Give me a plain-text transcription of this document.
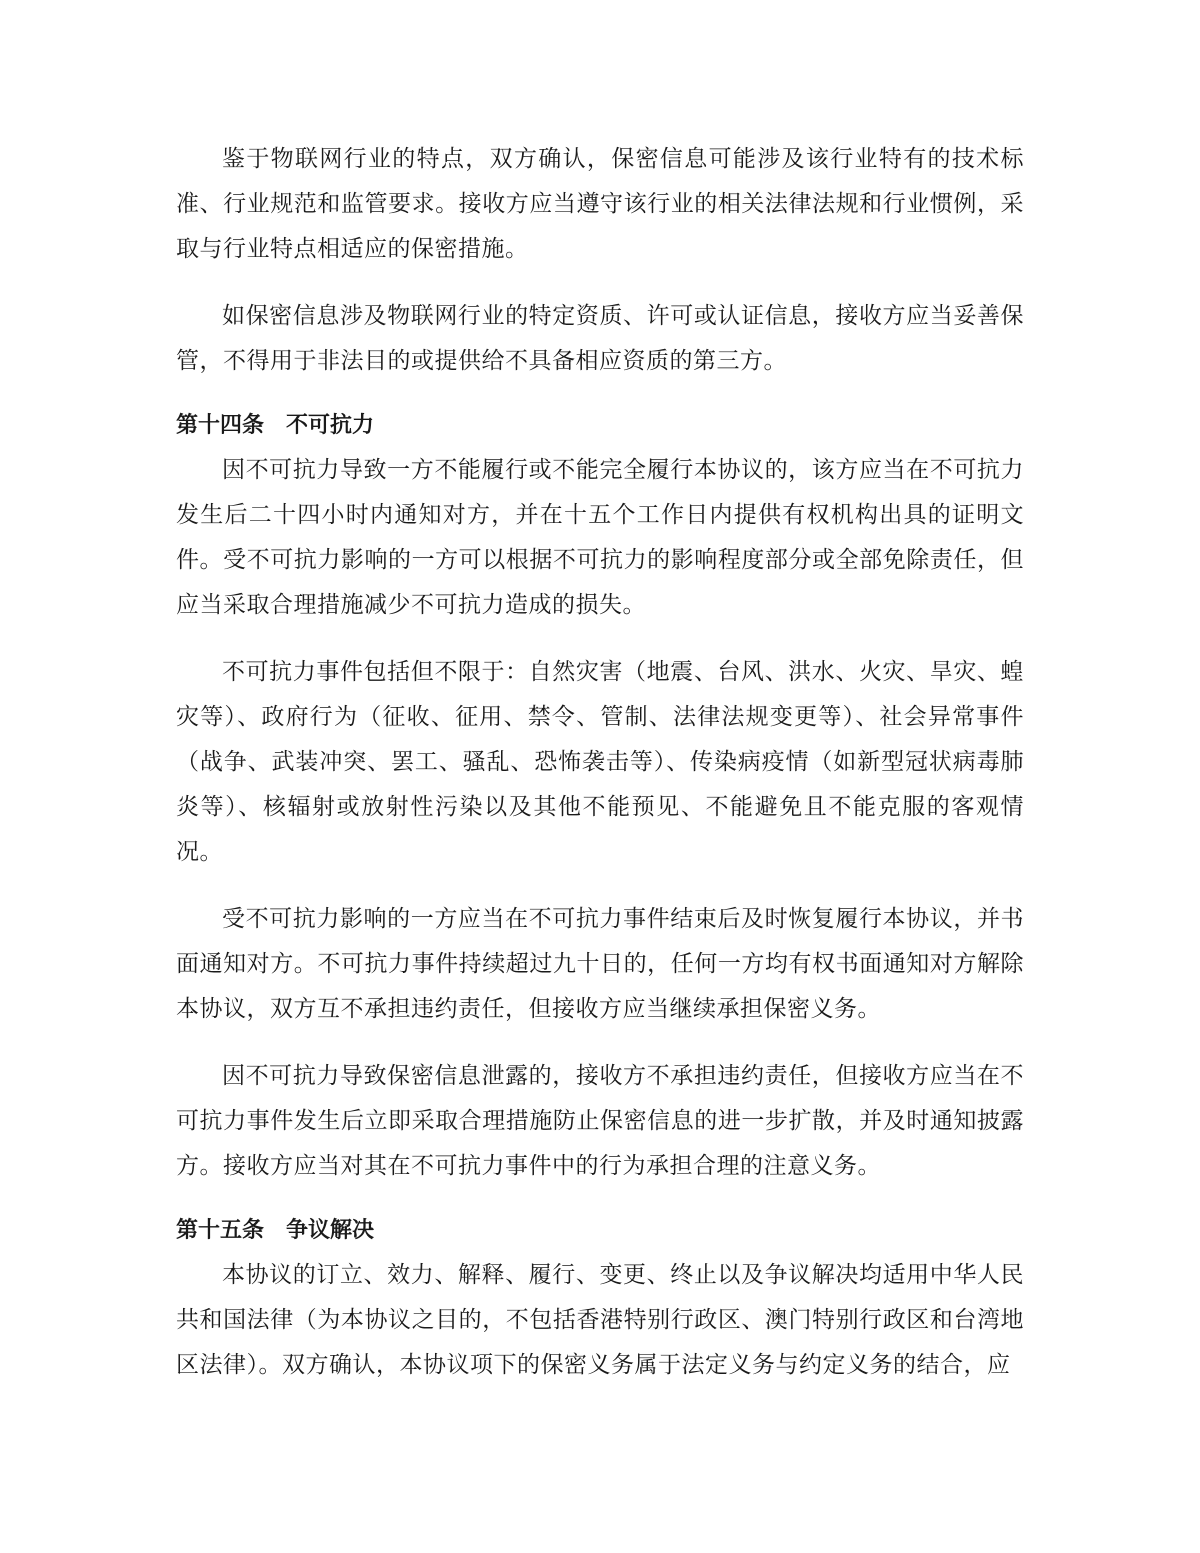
鉴于物联网行业的特点，双方确认，保密信息可能涉及该行业特有的技术标准、行业规范和监管要求。接收方应当遵守该行业的相关法律法规和行业惯例，采取与行业特点相适应的保密措施。

如保密信息涉及物联网行业的特定资质、许可或认证信息，接收方应当妥善保管，不得用于非法目的或提供给不具备相应资质的第三方。

第十四条　不可抗力

因不可抗力导致一方不能履行或不能完全履行本协议的，该方应当在不可抗力发生后二十四小时内通知对方，并在十五个工作日内提供有权机构出具的证明文件。受不可抗力影响的一方可以根据不可抗力的影响程度部分或全部免除责任，但应当采取合理措施减少不可抗力造成的损失。

不可抗力事件包括但不限于：自然灾害（地震、台风、洪水、火灾、旱灾、蝗灾等）、政府行为（征收、征用、禁令、管制、法律法规变更等）、社会异常事件（战争、武装冲突、罢工、骚乱、恐怖袭击等）、传染病疫情（如新型冠状病毒肺炎等）、核辐射或放射性污染以及其他不能预见、不能避免且不能克服的客观情况。

受不可抗力影响的一方应当在不可抗力事件结束后及时恢复履行本协议，并书面通知对方。不可抗力事件持续超过九十日的，任何一方均有权书面通知对方解除本协议，双方互不承担违约责任，但接收方应当继续承担保密义务。

因不可抗力导致保密信息泄露的，接收方不承担违约责任，但接收方应当在不可抗力事件发生后立即采取合理措施防止保密信息的进一步扩散，并及时通知披露方。接收方应当对其在不可抗力事件中的行为承担合理的注意义务。

第十五条　争议解决

本协议的订立、效力、解释、履行、变更、终止以及争议解决均适用中华人民共和国法律（为本协议之目的，不包括香港特别行政区、澳门特别行政区和台湾地区法律）。双方确认，本协议项下的保密义务属于法定义务与约定义务的结合，应
